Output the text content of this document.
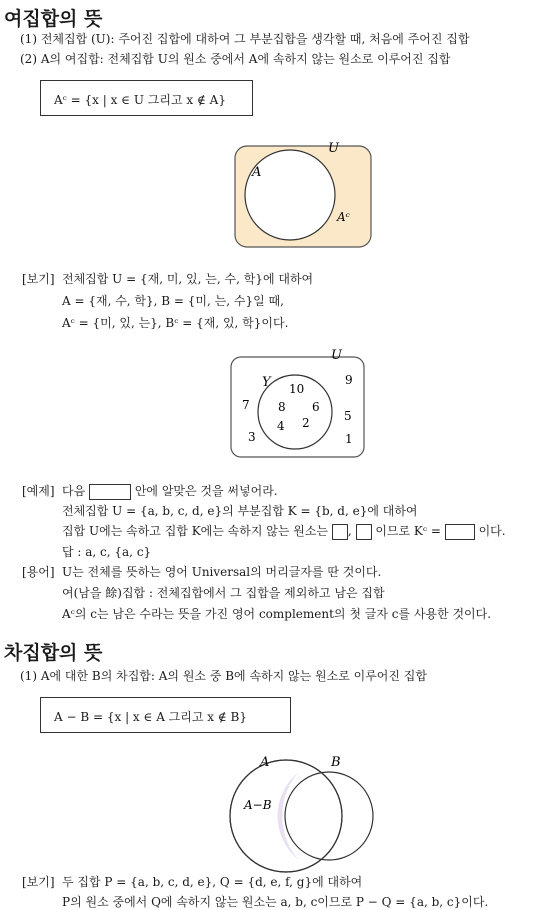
여집합의 뜻
(1) 전체집합 (U): 주어진 집합에 대하여 그 부분집합을 생각할 때, 처음에 주어진 집합
(2) A의 여집합: 전체집합 U의 원소 중에서 A에 속하지 않는 원소로 이루어진 집합
Aᶜ = {x | x ∈ U 그리고 x ∉ A}
U
A
Aᶜ
U
Y 10
8 6
4 2
9
7
5
3	1
A	B
A−B
[보기] 전체집합 U = {재, 미, 있, 는, 수, 학}에 대하여
A = {재, 수, 학}, B = {미, 는, 수}일 때,
Aᶜ = {미, 있, 는}, Bᶜ = {재, 있, 학}이다.
[예제] 다음	안에 알맞은 것을 써넣어라.
전체집합 U = {a, b, c, d, e}의 부분집합 K = {b, d, e}에 대하여
집합 U에는 속하고 집합 K에는 속하지 않는 원소는 , 이므로 Kᶜ =	이다.
답 : a, c, {a, c}
[용어] U는 전체를 뜻하는 영어 Universal의 머리글자를 딴 것이다.
여(남을 餘)집합 : 전체집합에서 그 집합을 제외하고 남은 집합
Aᶜ의 c는 남은 수라는 뜻을 가진 영어 complement의 첫 글자 c를 사용한 것이다.
차집합의 뜻
(1) A에 대한 B의 차집합: A의 원소 중 B에 속하지 않는 원소로 이루어진 집합
A − B = {x | x ∈ A 그리고 x ∉ B}
[보기] 두 집합 P = {a, b, c, d, e}, Q = {d, e, f, g}에 대하여
P의 원소 중에서 Q에 속하지 않는 원소는 a, b, c이므로 P − Q = {a, b, c}이다.
